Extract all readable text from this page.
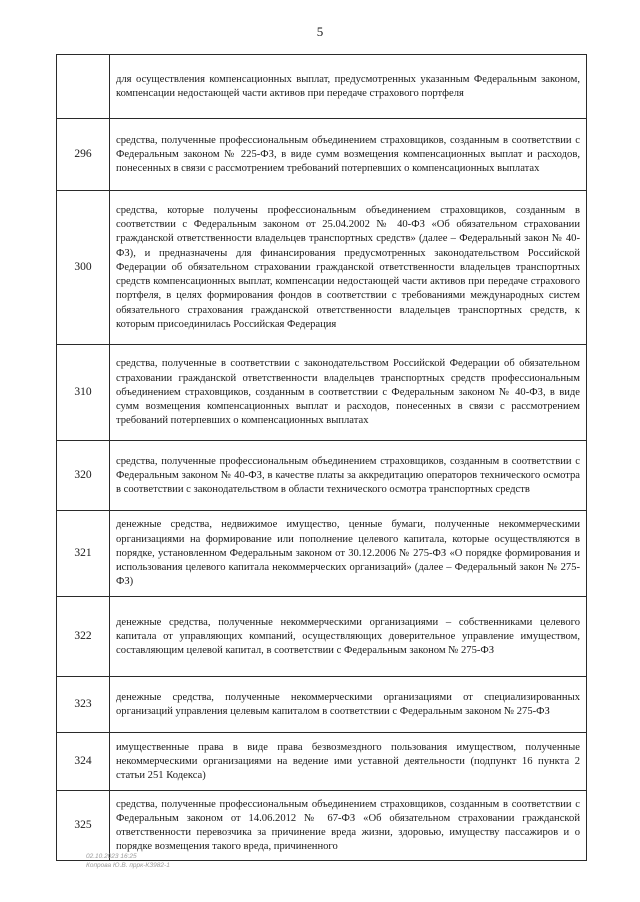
5
	для осуществления компенсационных выплат, предусмотренных указанным Федеральным законом, компенсации недостающей части активов при передаче страхового портфеля
296	средства, полученные профессиональным объединением страховщиков, созданным в соответствии с Федеральным законом № 225-ФЗ, в виде сумм возмещения компенсационных выплат и расходов, понесенных в связи с рассмотрением требований потерпевших о компенсационных выплатах
300	средства, которые получены профессиональным объединением страховщиков, созданным в соответствии с Федеральным законом от 25.04.2002 № 40-ФЗ «Об обязательном страховании гражданской ответственности владельцев транспортных средств» (далее – Федеральный закон № 40-ФЗ), и предназначены для финансирования предусмотренных законодательством Российской Федерации об обязательном страховании гражданской ответственности владельцев транспортных средств компенсационных выплат, компенсации недостающей части активов при передаче страхового портфеля, в целях формирования фондов в соответствии с требованиями международных систем обязательного страхования гражданской ответственности владельцев транспортных средств, к которым присоединилась Российская Федерация
310	средства, полученные в соответствии с законодательством Российской Федерации об обязательном страховании гражданской ответственности владельцев транспортных средств профессиональным объединением страховщиков, созданным в соответствии с Федеральным законом № 40-ФЗ, в виде сумм возмещения компенсационных выплат и расходов, понесенных в связи с рассмотрением требований потерпевших о компенсационных выплатах
320	средства, полученные профессиональным объединением страховщиков, созданным в соответствии с Федеральным законом № 40-ФЗ, в качестве платы за аккредитацию операторов технического осмотра в соответствии с законодательством в области технического осмотра транспортных средств
321	денежные средства, недвижимое имущество, ценные бумаги, полученные некоммерческими организациями на формирование или пополнение целевого капитала, которые осуществляются в порядке, установленном Федеральным законом от 30.12.2006 № 275-ФЗ «О порядке формирования и использования целевого капитала некоммерческих организаций» (далее – Федеральный закон № 275-ФЗ)
322	денежные средства, полученные некоммерческими организациями – собственниками целевого капитала от управляющих компаний, осуществляющих доверительное управление имуществом, составляющим целевой капитал, в соответствии с Федеральным законом № 275-ФЗ
323	денежные средства, полученные некоммерческими организациями от специализированных организаций управления целевым капиталом в соответствии с Федеральным законом № 275-ФЗ
324	имущественные права в виде права безвозмездного пользования имуществом, полученные некоммерческими организациями на ведение ими уставной деятельности (подпункт 16 пункта 2 статьи 251 Кодекса)
325	средства, полученные профессиональным объединением страховщиков, созданным в соответствии с Федеральным законом от 14.06.2012 № 67-ФЗ «Об обязательном страховании гражданской ответственности перевозчика за причинение вреда жизни, здоровью, имуществу пассажиров и о порядке возмещения такого вреда, причиненного
02.10.2023 16:25
Копрова Ю.В. пррк-КЗ982-1
